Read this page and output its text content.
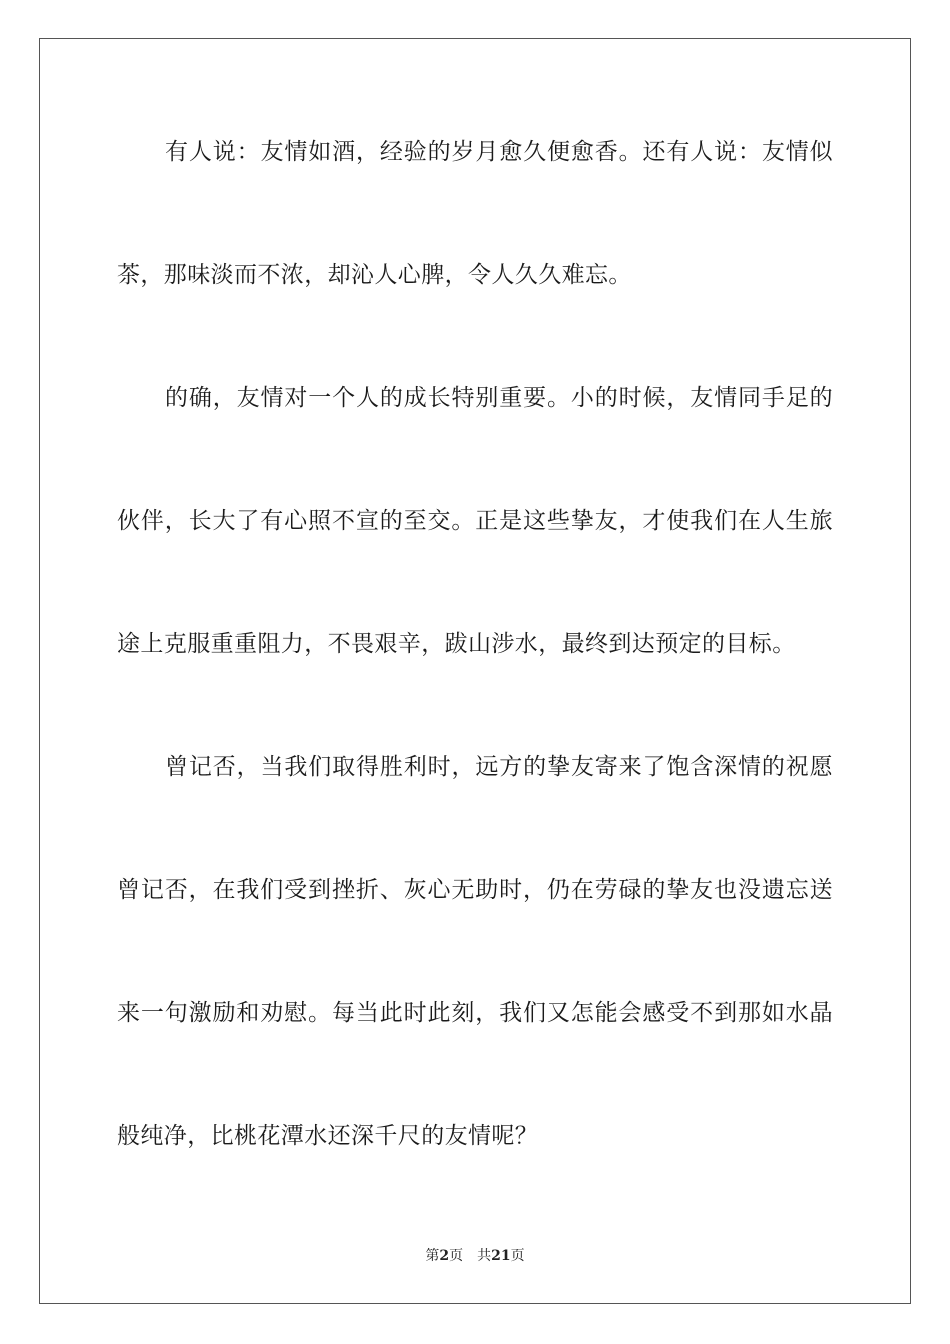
有人说：友情如酒，经验的岁月愈久便愈香。还有人说：友情似
茶，那味淡而不浓，却沁人心脾，令人久久难忘。
的确，友情对一个人的成长特别重要。小的时候，友情同手足的
伙伴，长大了有心照不宣的至交。正是这些挚友，才使我们在人生旅
途上克服重重阻力，不畏艰辛，跋山涉水，最终到达预定的目标。
曾记否，当我们取得胜利时，远方的挚友寄来了饱含深情的祝愿
曾记否，在我们受到挫折、灰心无助时，仍在劳碌的挚友也没遗忘送
来一句激励和劝慰。每当此时此刻，我们又怎能会感受不到那如水晶
般纯净，比桃花潭水还深千尺的友情呢？
第2页 共21页
